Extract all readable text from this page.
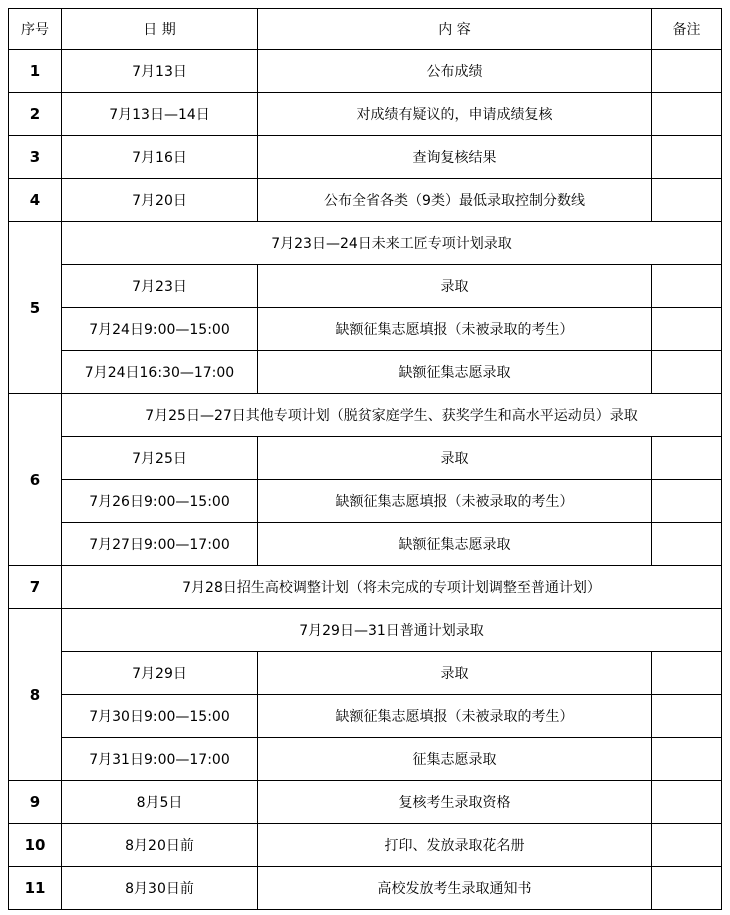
序号	日 期	内 容	备注
1	7月13日	公布成绩	
2	7月13日—14日	对成绩有疑议的，申请成绩复核	
3	7月16日	查询复核结果	
4	7月20日	公布全省各类（9类）最低录取控制分数线	
5	7月23日—24日未来工匠专项计划录取		
	7月23日	录取	
	7月24日9:00—15:00	缺额征集志愿填报（未被录取的考生）	
	7月24日16:30—17:00	缺额征集志愿录取	
6	7月25日—27日其他专项计划（脱贫家庭学生、获奖学生和高水平运动员）录取		
	7月25日	录取	
	7月26日9:00—15:00	缺额征集志愿填报（未被录取的考生）	
	7月27日9:00—17:00	缺额征集志愿录取	
7	7月28日招生高校调整计划（将未完成的专项计划调整至普通计划）		
8	7月29日—31日普通计划录取		
	7月29日	录取	
	7月30日9:00—15:00	缺额征集志愿填报（未被录取的考生）	
	7月31日9:00—17:00	征集志愿录取	
9	8月5日	复核考生录取资格	
10	8月20日前	打印、发放录取花名册	
11	8月30日前	高校发放考生录取通知书	
